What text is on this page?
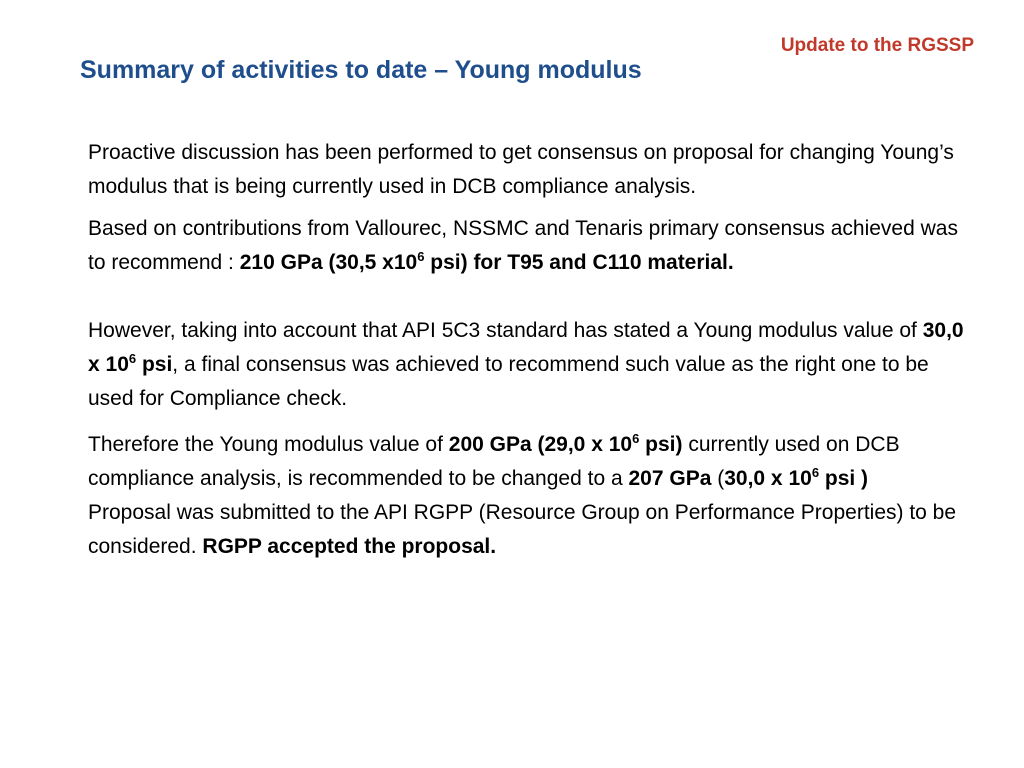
Update to the RGSSP
Summary of activities to date – Young modulus

Proactive discussion has been performed to get consensus on proposal for changing Young’s modulus that is being currently used in DCB compliance analysis.

Based on contributions from Vallourec, NSSMC and Tenaris primary consensus achieved was to recommend : 210 GPa (30,5 $x10^6$ psi) for T95 and C110 material.

However, taking into account that API 5C3 standard has stated a Young modulus value of 30,0 x $10^6$ psi, a final consensus was achieved to recommend such value as the right one to be used for Compliance check.

Therefore the Young modulus value of 200 GPa (29,0 x $10^6$ psi) currently used on DCB compliance analysis, is recommended to be changed to a 207 GPa (30,0 x $10^6$ psi )

Proposal was submitted to the API RGPP (Resource Group on Performance Properties) to be considered. RGPP accepted the proposal.
